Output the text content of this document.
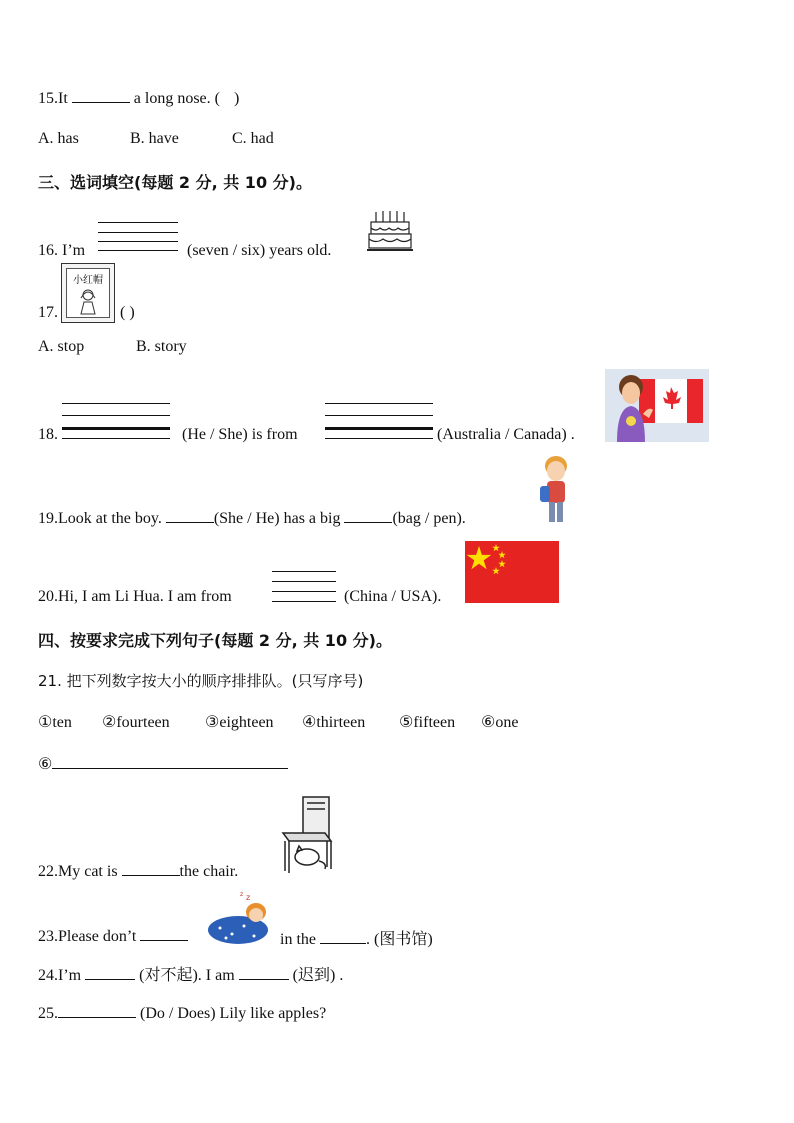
15.It	a long nose. ( )
A. has	B. have	C. had
三、选词填空(每题 2 分, 共 10 分)。
16. I’m	(seven / six) years old.
17.
小红帽
( )
A. stop	B. story
18.	(He / She) is from	(Australia / Canada) .
19.Look at the boy.	(She / He) has a big	(bag / pen).
20.Hi, I am Li Hua. I am from	(China / USA).
四、按要求完成下列句子(每题 2 分, 共 10 分)。
21. 把下列数字按大小的顺序排排队。(只写序号)
①ten ②fourteen ③eighteen ④thirteen ⑤fifteen ⑥one
⑥
22.My cat is	the chair.
23.Please don’t
z
z
in the	. (图书馆)
24.I’m	(对不起). I am	(迟到) .
25.	(Do / Does) Lily like apples?
